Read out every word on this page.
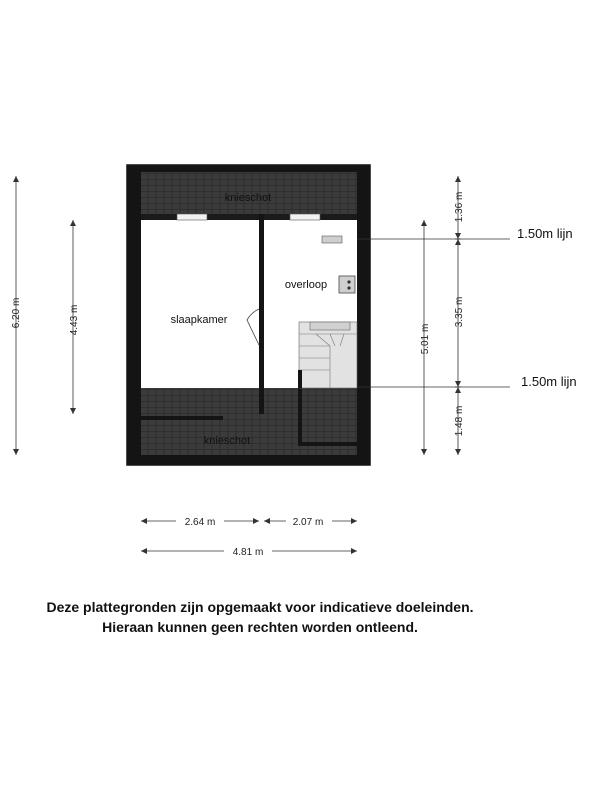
knieschot
slaapkamer
overloop
knieschot
1.50m lijn
1.50m lijn
6.20 m	4.43 m
5.01 m
1.36 m
3.35 m
1.48 m
2.64 m	2.07 m
4.81 m
Deze plattegronden zijn opgemaakt voor indicatieve doeleinden.
Hieraan kunnen geen rechten worden ontleend.
